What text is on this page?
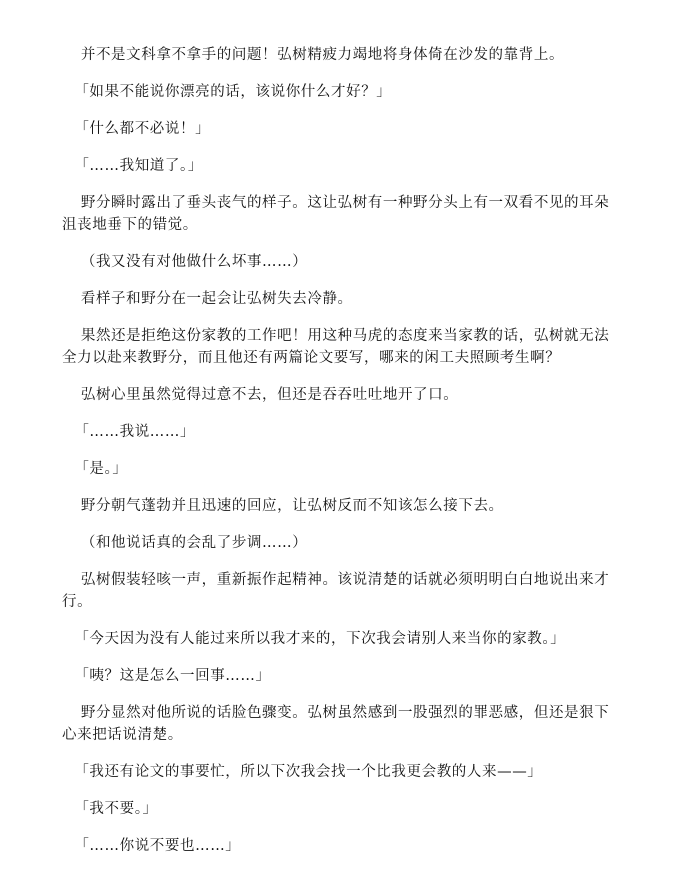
并不是文科拿不拿手的问题！弘树精疲力竭地将身体倚在沙发的靠背上。

「如果不能说你漂亮的话，该说你什么才好？」

「什么都不必说！」

「……我知道了。」

野分瞬时露出了垂头丧气的样子。这让弘树有一种野分头上有一双看不见的耳朵沮丧地垂下的错觉。

（我又没有对他做什么坏事……）

看样子和野分在一起会让弘树失去冷静。

果然还是拒绝这份家教的工作吧！用这种马虎的态度来当家教的话，弘树就无法全力以赴来教野分，而且他还有两篇论文要写，哪来的闲工夫照顾考生啊？

弘树心里虽然觉得过意不去，但还是吞吞吐吐地开了口。

「……我说……」

「是。」

野分朝气蓬勃并且迅速的回应，让弘树反而不知该怎么接下去。

（和他说话真的会乱了步调……）

弘树假装轻咳一声，重新振作起精神。该说清楚的话就必须明明白白地说出来才行。

「今天因为没有人能过来所以我才来的，下次我会请别人来当你的家教。」

「咦？这是怎么一回事……」

野分显然对他所说的话脸色骤变。弘树虽然感到一股强烈的罪恶感，但还是狠下心来把话说清楚。

「我还有论文的事要忙，所以下次我会找一个比我更会教的人来——」

「我不要。」

「……你说不要也……」
